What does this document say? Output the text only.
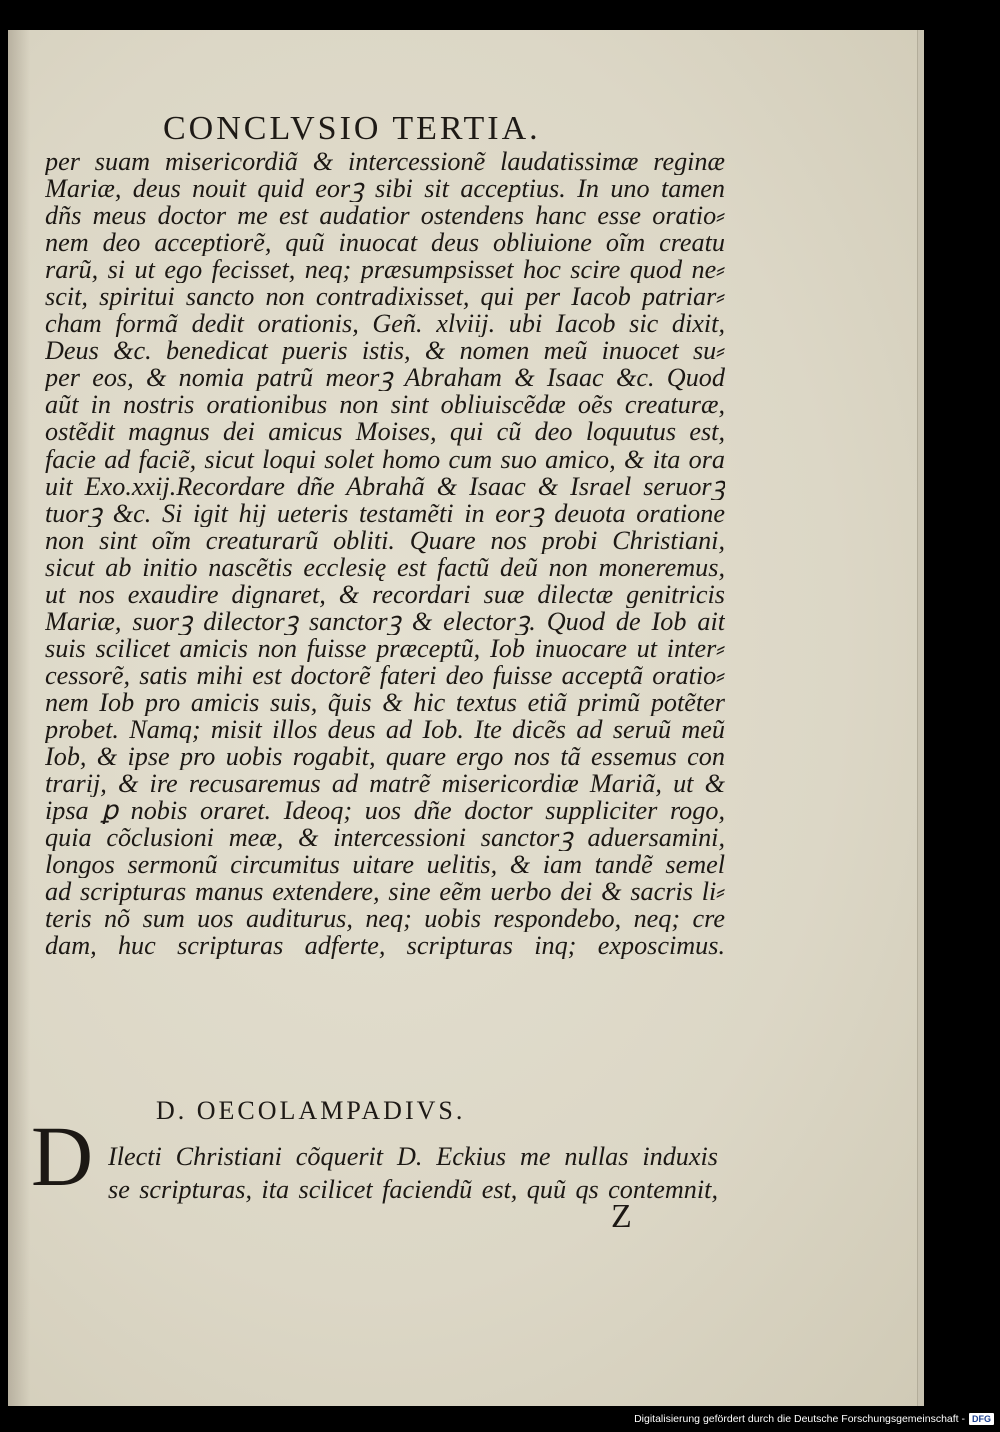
CONCLVSIO TERTIA.
per suam misericordiã & intercessionẽ laudatissimæ reginæ
Mariæ, deus nouit quid eorꝫ sibi sit acceptius. In uno tamen
dñs meus doctor me est audatior ostendens hanc esse oratio⸗
nem deo acceptiorẽ, quũ inuocat deus obliuione oĩm creatu
rarũ, si ut ego fecisset, neq; præsumpsisset hoc scire quod ne⸗
scit, spiritui sancto non contradixisset, qui per Iacob patriar⸗
cham formã dedit orationis, Geñ. xlviij. ubi Iacob sic dixit,
Deus &c. benedicat pueris istis, & nomen meũ inuocet su⸗
per eos, & nomia patrũ meorꝫ Abraham & Isaac &c. Quod
aũt in nostris orationibus non sint obliuiscẽdæ oẽs creaturæ,
ostẽdit magnus dei amicus Moises, qui cũ deo loquutus est,
facie ad faciẽ, sicut loqui solet homo cum suo amico, & ita ora
uit Exo.xxij.Recordare dñe Abrahã & Isaac & Israel seruorꝫ
tuorꝫ &c. Si igit hij ueteris testamẽti in eorꝫ deuota oratione
non sint oĩm creaturarũ obliti. Quare nos probi Christiani,
sicut ab initio nascẽtis ecclesię est factũ deũ non moneremus,
ut nos exaudire dignaret, & recordari suæ dilectæ genitricis
Mariæ, suorꝫ dilectorꝫ sanctorꝫ & electorꝫ. Quod de Iob ait
suis scilicet amicis non fuisse præceptũ, Iob inuocare ut inter⸗
cessorẽ, satis mihi est doctorẽ fateri deo fuisse acceptã oratio⸗
nem Iob pro amicis suis, q̃uis & hic textus etiã primũ potẽter
probet. Namq; misit illos deus ad Iob. Ite dicẽs ad seruũ meũ
Iob, & ipse pro uobis rogabit, quare ergo nos tã essemus con
trarij, & ire recusaremus ad matrẽ misericordiæ Mariã, ut &
ipsa ꝑ nobis oraret. Ideoq; uos dñe doctor suppliciter rogo,
quia cõclusioni meæ, & intercessioni sanctorꝫ aduersamini,
longos sermonũ circumitus uitare uelitis, & iam tandẽ semel
ad scripturas manus extendere, sine eẽm uerbo dei & sacris li⸗
teris nõ sum uos auditurus, neq; uobis respondebo, neq; cre
dam, huc scripturas adferte, scripturas inq; exposcimus.
D. OECOLAMPADIVS.
D Ilecti Christiani cõquerit D. Eckius me nullas induxis
se scripturas, ita scilicet faciendũ est, quũ qs contemnit,
Z
Digitalisierung gefördert durch die Deutsche Forschungsgemeinschaft - DFG
